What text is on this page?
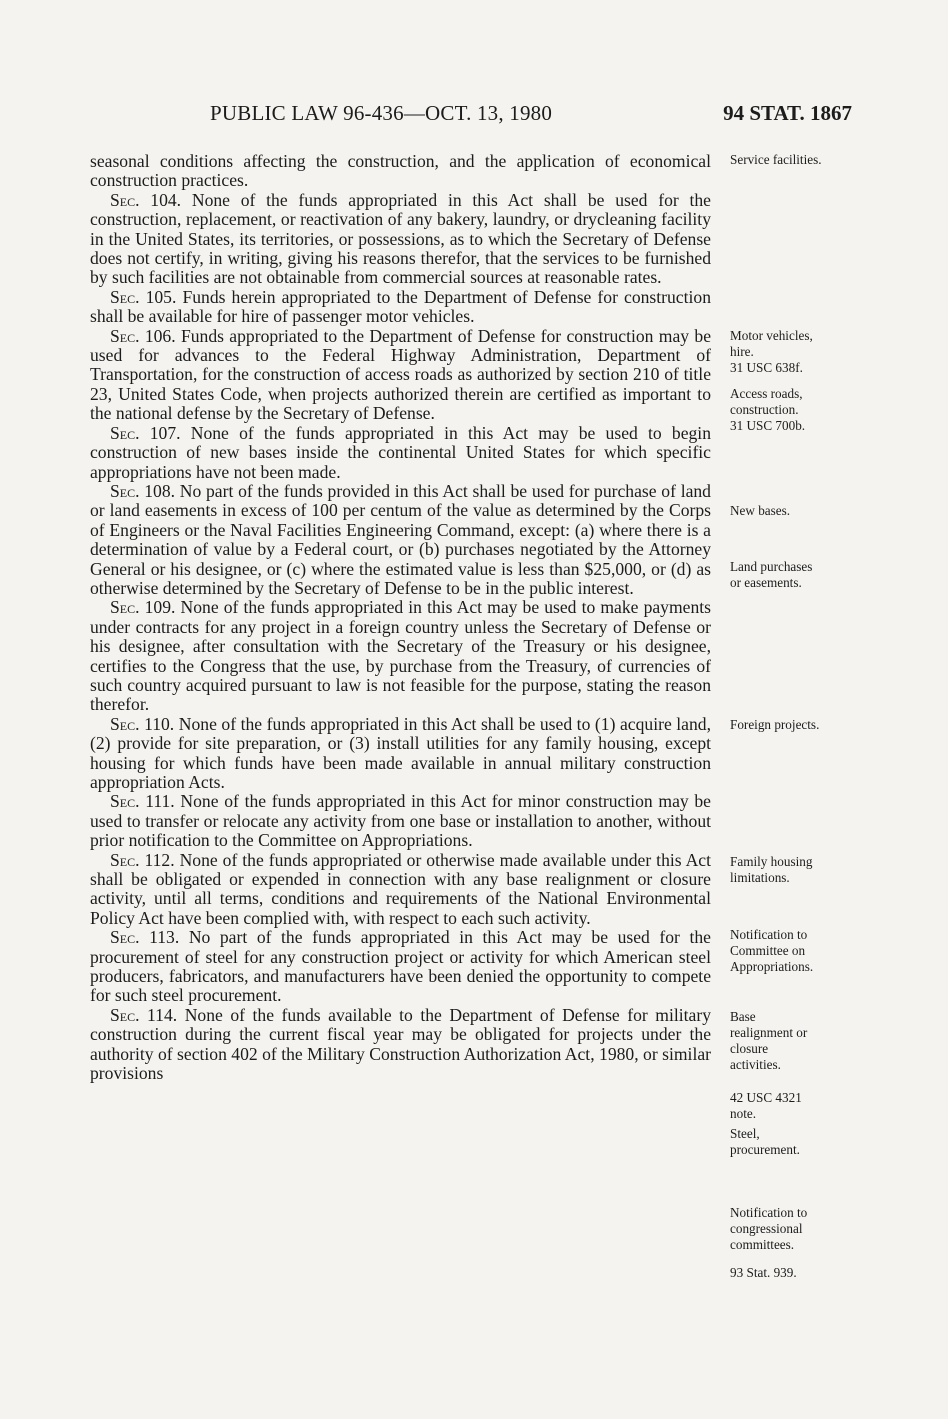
PUBLIC LAW 96-436—OCT. 13, 1980	94 STAT. 1867

seasonal conditions affecting the construction, and the application of economical construction practices.

Sec. 104. None of the funds appropriated in this Act shall be used for the construction, replacement, or reactivation of any bakery, laundry, or drycleaning facility in the United States, its territories, or possessions, as to which the Secretary of Defense does not certify, in writing, giving his reasons therefor, that the services to be furnished by such facilities are not obtainable from commercial sources at reasonable rates.

Sec. 105. Funds herein appropriated to the Department of Defense for construction shall be available for hire of passenger motor vehicles.

Sec. 106. Funds appropriated to the Department of Defense for construction may be used for advances to the Federal Highway Administration, Department of Transportation, for the construction of access roads as authorized by section 210 of title 23, United States Code, when projects authorized therein are certified as important to the national defense by the Secretary of Defense.

Sec. 107. None of the funds appropriated in this Act may be used to begin construction of new bases inside the continental United States for which specific appropriations have not been made.

Sec. 108. No part of the funds provided in this Act shall be used for purchase of land or land easements in excess of 100 per centum of the value as determined by the Corps of Engineers or the Naval Facilities Engineering Command, except: (a) where there is a determination of value by a Federal court, or (b) purchases negotiated by the Attorney General or his designee, or (c) where the estimated value is less than $25,000, or (d) as otherwise determined by the Secretary of Defense to be in the public interest.

Sec. 109. None of the funds appropriated in this Act may be used to make payments under contracts for any project in a foreign country unless the Secretary of Defense or his designee, after consultation with the Secretary of the Treasury or his designee, certifies to the Congress that the use, by purchase from the Treasury, of currencies of such country acquired pursuant to law is not feasible for the purpose, stating the reason therefor.

Sec. 110. None of the funds appropriated in this Act shall be used to (1) acquire land, (2) provide for site preparation, or (3) install utilities for any family housing, except housing for which funds have been made available in annual military construction appropriation Acts.

Sec. 111. None of the funds appropriated in this Act for minor construction may be used to transfer or relocate any activity from one base or installation to another, without prior notification to the Committee on Appropriations.

Sec. 112. None of the funds appropriated or otherwise made available under this Act shall be obligated or expended in connection with any base realignment or closure activity, until all terms, conditions and requirements of the National Environmental Policy Act have been complied with, with respect to each such activity.

Sec. 113. No part of the funds appropriated in this Act may be used for the procurement of steel for any construction project or activity for which American steel producers, fabricators, and manufacturers have been denied the opportunity to compete for such steel procurement.

Sec. 114. None of the funds available to the Department of Defense for military construction during the current fiscal year may be obligated for projects under the authority of section 402 of the Military Construction Authorization Act, 1980, or similar provisions

Service facilities.
Motor vehicles,
hire.
31 USC 638f.
Access roads,
construction.
31 USC 700b.
New bases.
Land purchases
or easements.
Foreign projects.
Family housing
limitations.
Notification to
Committee on
Appropriations.
Base
realignment or
closure
activities.
42 USC 4321
note.
Steel,
procurement.
Notification to
congressional
committees.
93 Stat. 939.
